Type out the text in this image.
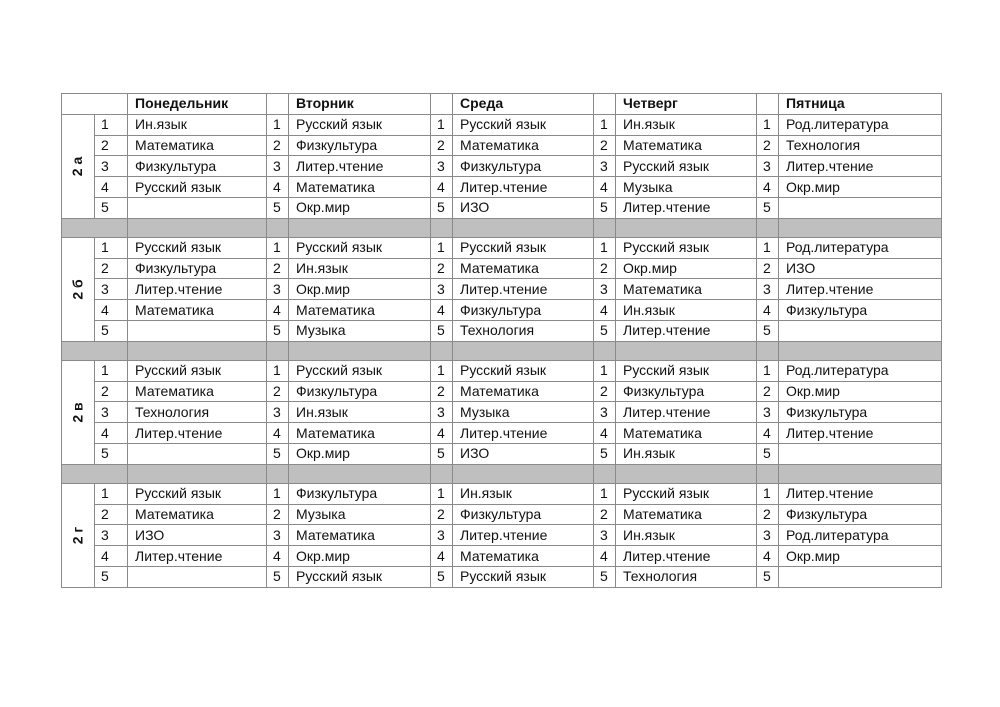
		Понедельник		Вторник		Среда		Четверг		Пятница
2 а	1	Ин.язык	1	Русский язык	1	Русский язык	1	Ин.язык	1	Род.литература
	2	Математика	2	Физкультура	2	Математика	2	Математика	2	Технология
	3	Физкультура	3	Литер.чтение	3	Физкультура	3	Русский язык	3	Литер.чтение
	4	Русский язык	4	Математика	4	Литер.чтение	4	Музыка	4	Окр.мир
	5		5	Окр.мир	5	ИЗО	5	Литер.чтение	5	

2 б	1	Русский язык	1	Русский язык	1	Русский язык	1	Русский язык	1	Род.литература
	2	Физкультура	2	Ин.язык	2	Математика	2	Окр.мир	2	ИЗО
	3	Литер.чтение	3	Окр.мир	3	Литер.чтение	3	Математика	3	Литер.чтение
	4	Математика	4	Математика	4	Физкультура	4	Ин.язык	4	Физкультура
	5		5	Музыка	5	Технология	5	Литер.чтение	5	

2 в	1	Русский язык	1	Русский язык	1	Русский язык	1	Русский язык	1	Род.литература
	2	Математика	2	Физкультура	2	Математика	2	Физкультура	2	Окр.мир
	3	Технология	3	Ин.язык	3	Музыка	3	Литер.чтение	3	Физкультура
	4	Литер.чтение	4	Математика	4	Литер.чтение	4	Математика	4	Литер.чтение
	5		5	Окр.мир	5	ИЗО	5	Ин.язык	5	

2 г	1	Русский язык	1	Физкультура	1	Ин.язык	1	Русский язык	1	Литер.чтение
	2	Математика	2	Музыка	2	Физкультура	2	Математика	2	Физкультура
	3	ИЗО	3	Математика	3	Литер.чтение	3	Ин.язык	3	Род.литература
	4	Литер.чтение	4	Окр.мир	4	Математика	4	Литер.чтение	4	Окр.мир
	5		5	Русский язык	5	Русский язык	5	Технология	5	
